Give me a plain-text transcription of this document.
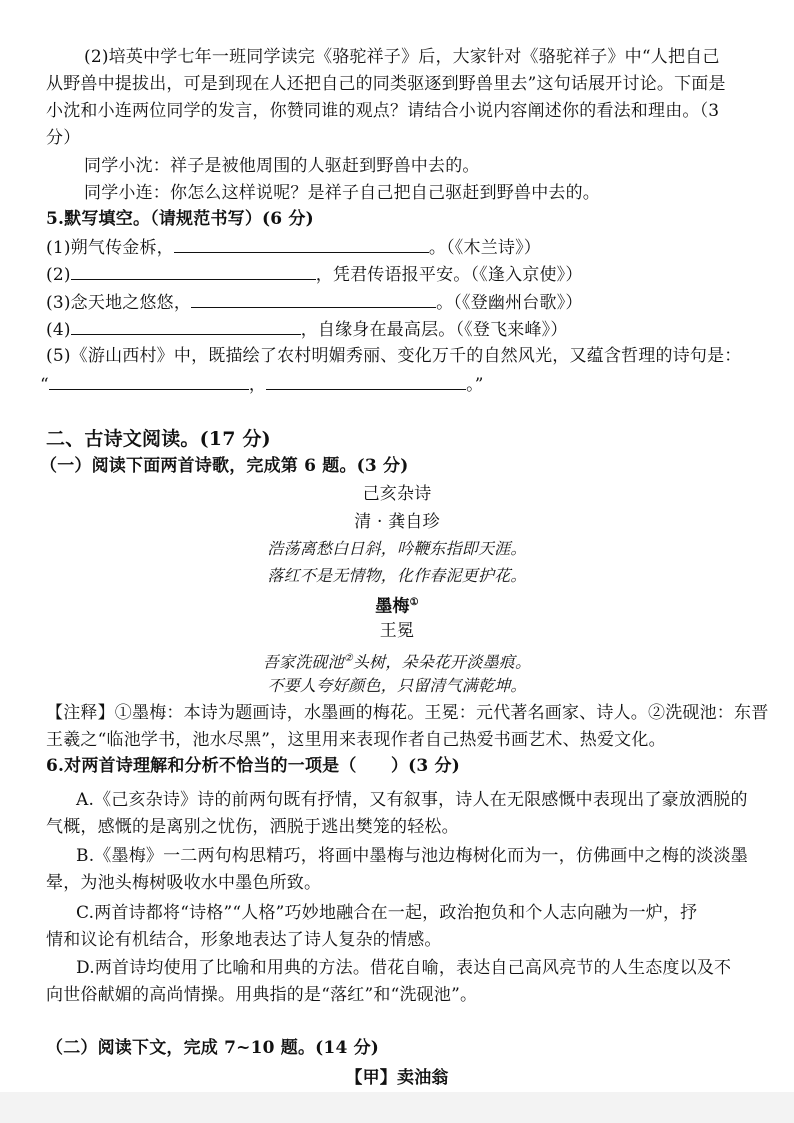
(2)培英中学七年一班同学读完《骆驼祥子》后，大家针对《骆驼祥子》中“人把自己
从野兽中提拔出，可是到现在人还把自己的同类驱逐到野兽里去”这句话展开讨论。下面是
小沈和小连两位同学的发言，你赞同谁的观点？请结合小说内容阐述你的看法和理由。（3
分）
同学小沈：祥子是被他周围的人驱赶到野兽中去的。
同学小连：你怎么这样说呢？是祥子自己把自己驱赶到野兽中去的。
5.默写填空。（请规范书写）(6 分)
(1)朔气传金柝，	。（《木兰诗》）
(2)	，凭君传语报平安。（《逢入京使》）
(3)念天地之悠悠，	。（《登幽州台歌》）
(4)	，自缘身在最高层。（《登飞来峰》）
(5)《游山西村》中，既描绘了农村明媚秀丽、变化万千的自然风光，又蕴含哲理的诗句是：
“	，	。”
二、古诗文阅读。(17 分)
（一）阅读下面两首诗歌，完成第 6 题。(3 分)
己亥杂诗
清 · 龚自珍
浩荡离愁白日斜，吟鞭东指即天涯。
落红不是无情物，化作春泥更护花。
墨梅①
王冕
吾家洗砚池②头树，朵朵花开淡墨痕。
不要人夸好颜色，只留清气满乾坤。
【注释】①墨梅：本诗为题画诗，水墨画的梅花。王冕：元代著名画家、诗人。②洗砚池：东晋
王羲之“临池学书，池水尽黑”，这里用来表现作者自己热爱书画艺术、热爱文化。
6.对两首诗理解和分析不恰当的一项是（　　）(3 分)
A.《己亥杂诗》诗的前两句既有抒情，又有叙事，诗人在无限感慨中表现出了豪放洒脱的
气概，感慨的是离别之忧伤，洒脱于逃出樊笼的轻松。
B.《墨梅》一二两句构思精巧，将画中墨梅与池边梅树化而为一，仿佛画中之梅的淡淡墨
晕，为池头梅树吸收水中墨色所致。
C.两首诗都将“诗格”“人格”巧妙地融合在一起，政治抱负和个人志向融为一炉，抒
情和议论有机结合，形象地表达了诗人复杂的情感。
D.两首诗均使用了比喻和用典的方法。借花自喻，表达自己高风亮节的人生态度以及不
向世俗献媚的高尚情操。用典指的是“落红”和“洗砚池”。
（二）阅读下文，完成 7~10 题。(14 分)
【甲】卖油翁
